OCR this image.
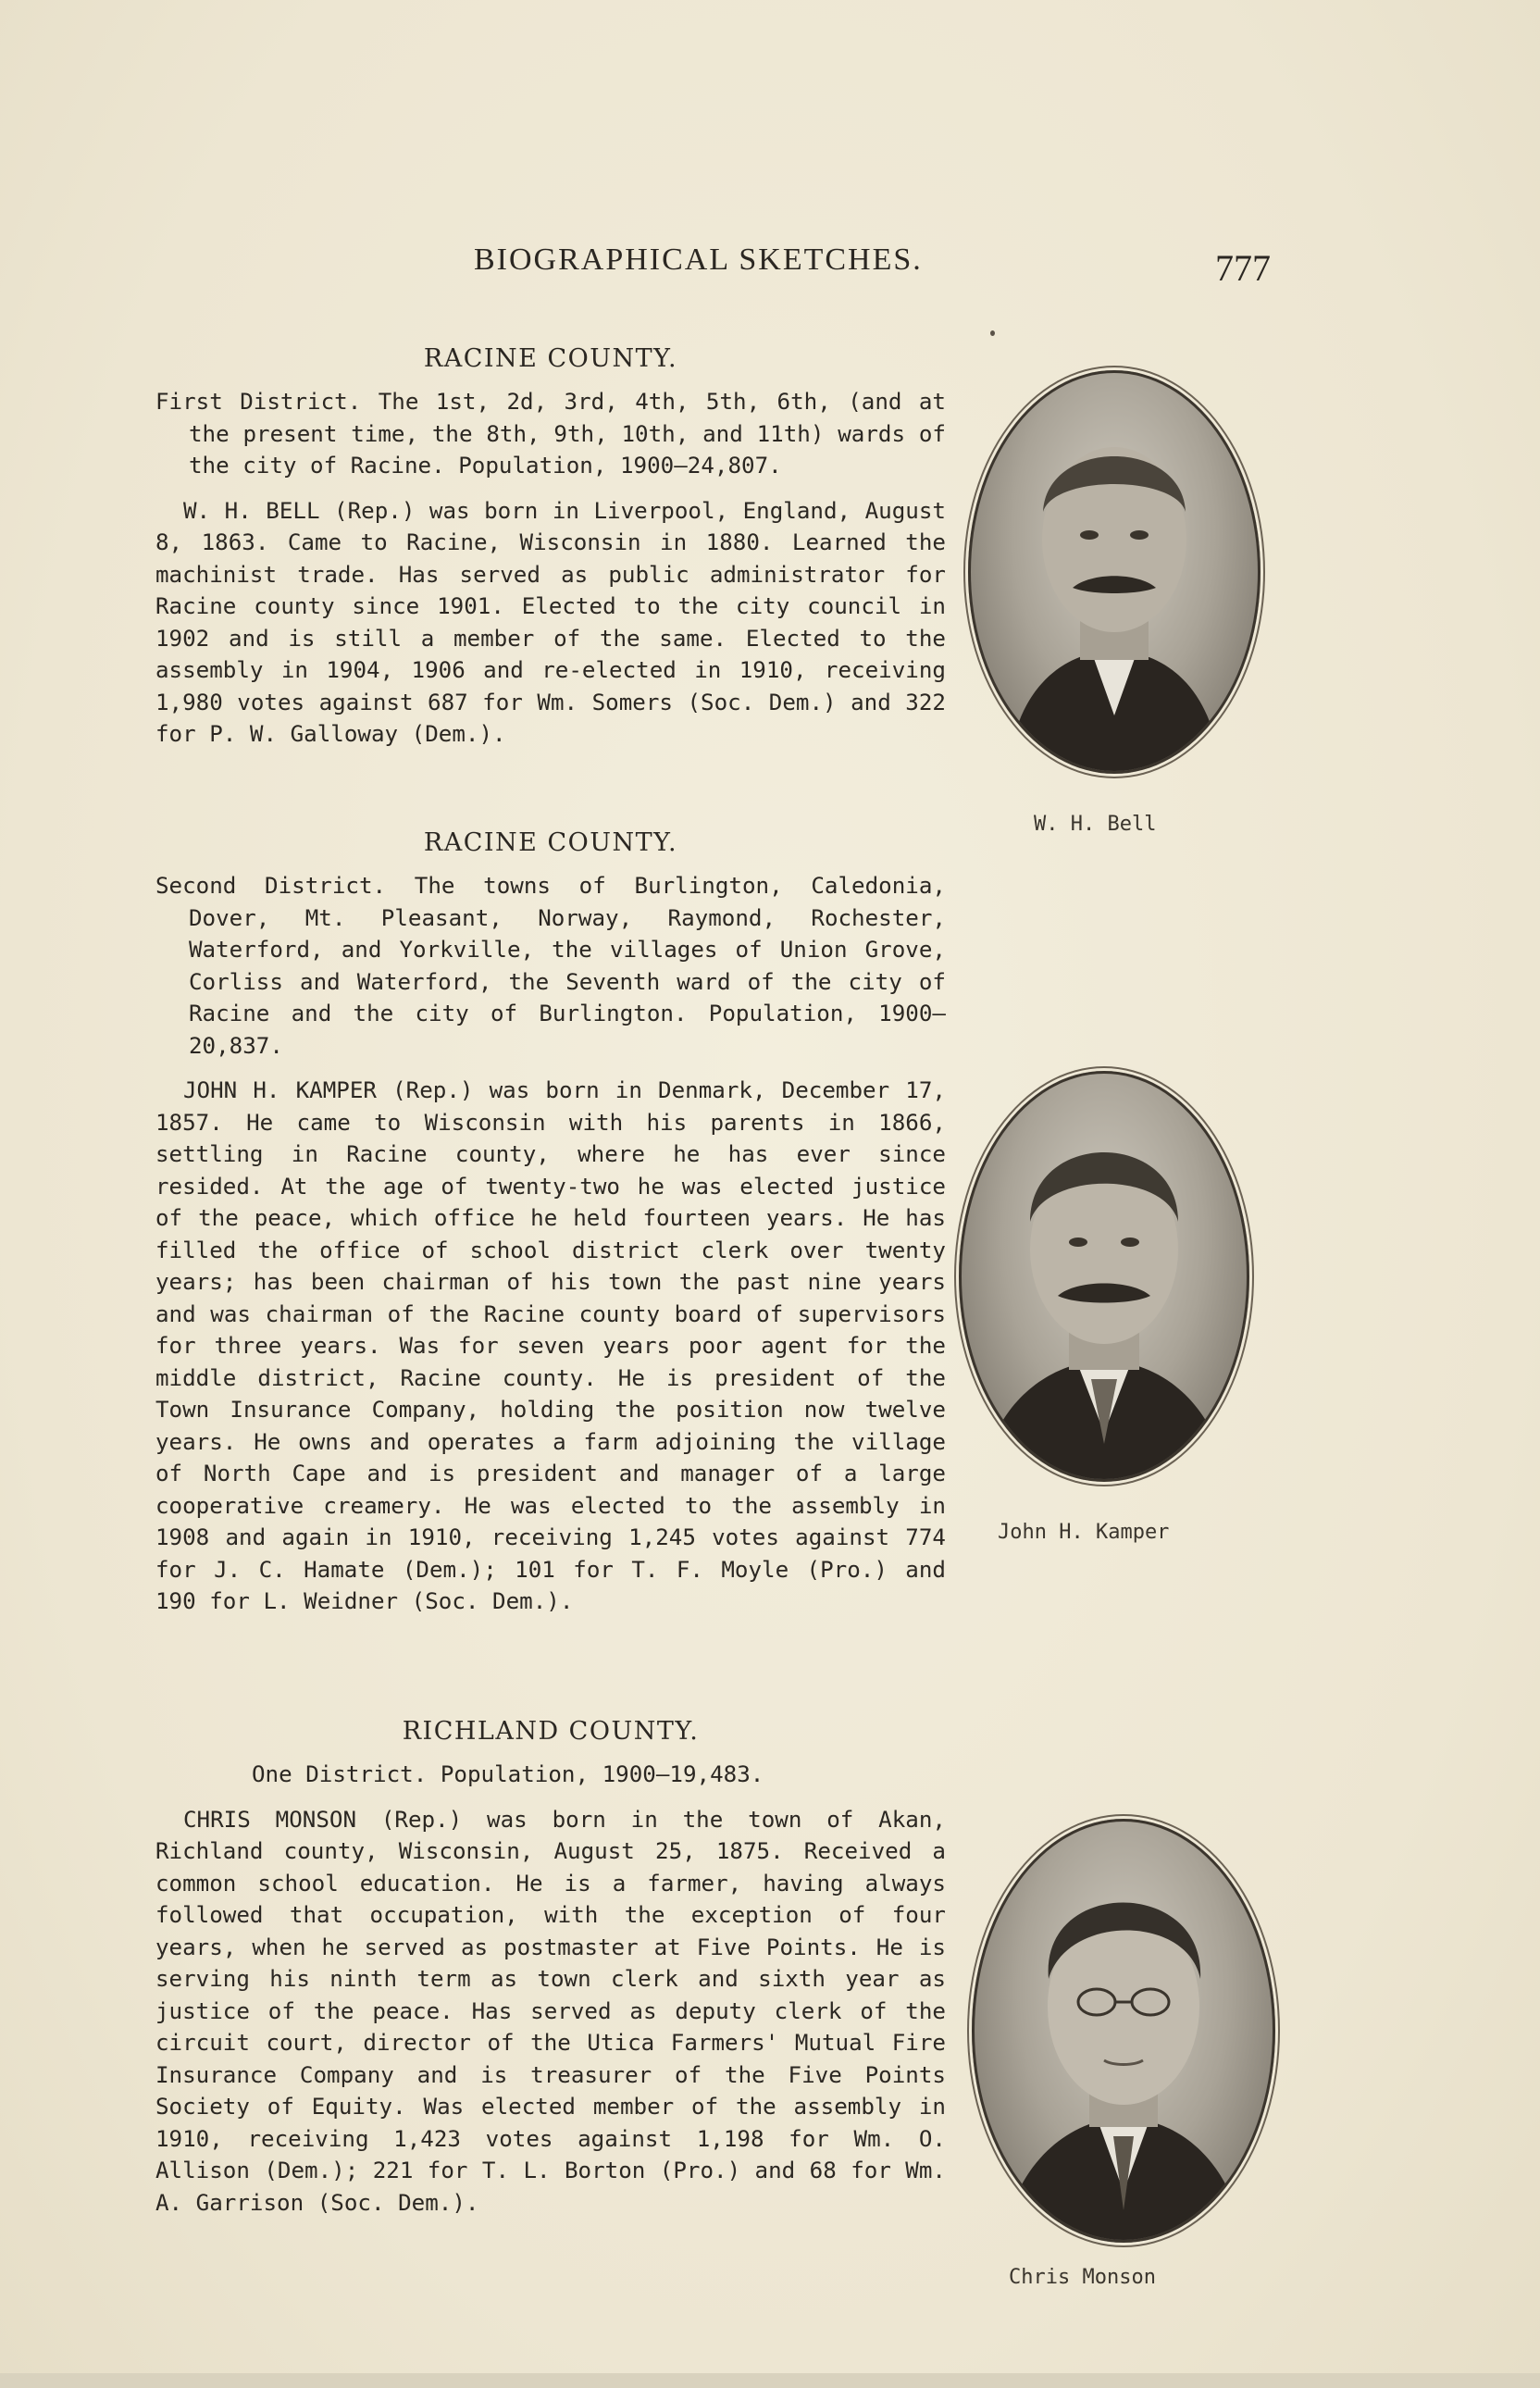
BIOGRAPHICAL SKETCHES.	777
RACINE COUNTY.

First District. The 1st, 2d, 3rd, 4th, 5th, 6th, (and at the present time, the 8th, 9th, 10th, and 11th) wards of the city of Racine. Population, 1900—24,807.

W. H. BELL (Rep.) was born in Liverpool, England, August 8, 1863. Came to Racine, Wisconsin in 1880. Learned the machinist trade. Has served as public administrator for Racine county since 1901. Elected to the city council in 1902 and is still a member of the same. Elected to the assembly in 1904, 1906 and re-elected in 1910, receiving 1,980 votes against 687 for Wm. Somers (Soc. Dem.) and 322 for P. W. Galloway (Dem.).

W. H. Bell
RACINE COUNTY.

Second District. The towns of Burlington, Caledonia, Dover, Mt. Pleasant, Norway, Raymond, Rochester, Waterford, and Yorkville, the villages of Union Grove, Corliss and Waterford, the Seventh ward of the city of Racine and the city of Burlington. Population, 1900—20,837.

JOHN H. KAMPER (Rep.) was born in Denmark, December 17, 1857. He came to Wisconsin with his parents in 1866, settling in Racine county, where he has ever since resided. At the age of twenty-two he was elected justice of the peace, which office he held fourteen years. He has filled the office of school district clerk over twenty years; has been chairman of his town the past nine years and was chairman of the Racine county board of supervisors for three years. Was for seven years poor agent for the middle district, Racine county. He is president of the Town Insurance Company, holding the position now twelve years. He owns and operates a farm adjoining the village of North Cape and is president and manager of a large cooperative creamery. He was elected to the assembly in 1908 and again in 1910, receiving 1,245 votes against 774 for J. C. Hamate (Dem.); 101 for T. F. Moyle (Pro.) and 190 for L. Weidner (Soc. Dem.).

John H. Kamper
RICHLAND COUNTY.

One District. Population, 1900—19,483.

CHRIS MONSON (Rep.) was born in the town of Akan, Richland county, Wisconsin, August 25, 1875. Received a common school education. He is a farmer, having always followed that occupation, with the exception of four years, when he served as postmaster at Five Points. He is serving his ninth term as town clerk and sixth year as justice of the peace. Has served as deputy clerk of the circuit court, director of the Utica Farmers' Mutual Fire Insurance Company and is treasurer of the Five Points Society of Equity. Was elected member of the assembly in 1910, receiving 1,423 votes against 1,198 for Wm. O. Allison (Dem.); 221 for T. L. Borton (Pro.) and 68 for Wm. A. Garrison (Soc. Dem.).

Chris Monson
